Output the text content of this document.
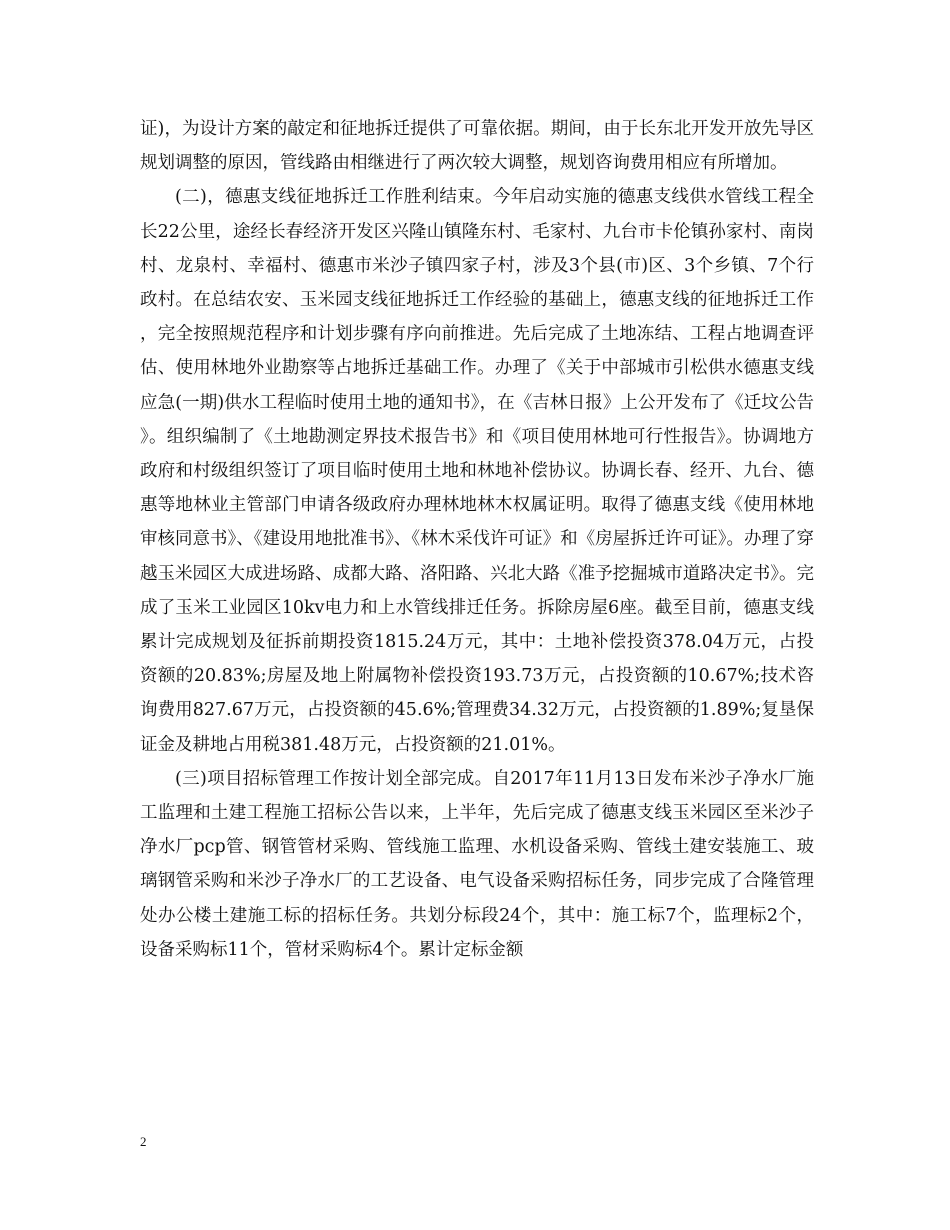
证)，为设计方案的敲定和征地拆迁提供了可靠依据。期间，由于长东北开发开放先导区规划调整的原因，管线路由相继进行了两次较大调整，规划咨询费用相应有所增加。

(二)，德惠支线征地拆迁工作胜利结束。今年启动实施的德惠支线供水管线工程全长22公里，途经长春经济开发区兴隆山镇隆东村、毛家村、九台市卡伦镇孙家村、南岗村、龙泉村、幸福村、德惠市米沙子镇四家子村，涉及3个县(市)区、3个乡镇、7个行政村。在总结农安、玉米园支线征地拆迁工作经验的基础上，德惠支线的征地拆迁工作，完全按照规范程序和计划步骤有序向前推进。先后完成了土地冻结、工程占地调查评估、使用林地外业勘察等占地拆迁基础工作。办理了《关于中部城市引松供水德惠支线应急(一期)供水工程临时使用土地的通知书》，在《吉林日报》上公开发布了《迁坟公告》。组织编制了《土地勘测定界技术报告书》和《项目使用林地可行性报告》。协调地方政府和村级组织签订了项目临时使用土地和林地补偿协议。协调长春、经开、九台、德惠等地林业主管部门申请各级政府办理林地林木权属证明。取得了德惠支线《使用林地审核同意书》、《建设用地批准书》、《林木采伐许可证》和《房屋拆迁许可证》。办理了穿越玉米园区大成进场路、成都大路、洛阳路、兴北大路《准予挖掘城市道路决定书》。完成了玉米工业园区10kv电力和上水管线排迁任务。拆除房屋6座。截至目前，德惠支线累计完成规划及征拆前期投资1815.24万元，其中：土地补偿投资378.04万元，占投资额的20.83%;房屋及地上附属物补偿投资193.73万元，占投资额的10.67%;技术咨询费用827.67万元，占投资额的45.6%;管理费34.32万元，占投资额的1.89%;复垦保证金及耕地占用税381.48万元，占投资额的21.01%。

(三)项目招标管理工作按计划全部完成。自2017年11月13日发布米沙子净水厂施工监理和土建工程施工招标公告以来，上半年，先后完成了德惠支线玉米园区至米沙子净水厂pcp管、钢管管材采购、管线施工监理、水机设备采购、管线土建安装施工、玻璃钢管采购和米沙子净水厂的工艺设备、电气设备采购招标任务，同步完成了合隆管理处办公楼土建施工标的招标任务。共划分标段24个，其中：施工标7个，监理标2个，设备采购标11个，管材采购标4个。累计定标金额

2
